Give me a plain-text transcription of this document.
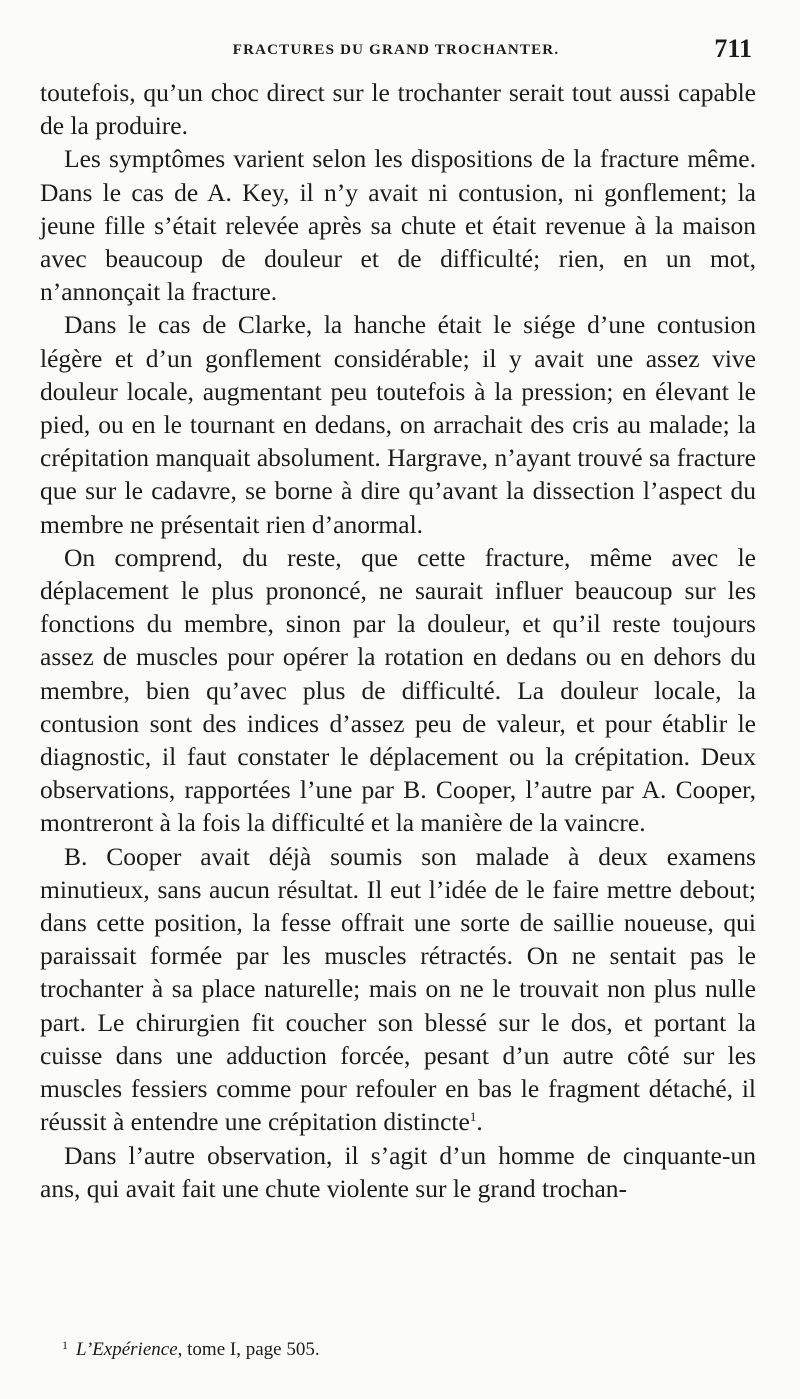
FRACTURES DU GRAND TROCHANTER.	711

toutefois, qu’un choc direct sur le trochanter serait tout aussi capable de la produire.

Les symptômes varient selon les dispositions de la fracture même. Dans le cas de A. Key, il n’y avait ni contusion, ni gonflement; la jeune fille s’était relevée après sa chute et était revenue à la maison avec beaucoup de douleur et de difficulté; rien, en un mot, n’annonçait la fracture.

Dans le cas de Clarke, la hanche était le siége d’une contusion légère et d’un gonflement considérable; il y avait une assez vive douleur locale, augmentant peu toutefois à la pression; en élevant le pied, ou en le tournant en dedans, on arrachait des cris au malade; la crépitation manquait absolument. Hargrave, n’ayant trouvé sa fracture que sur le cadavre, se borne à dire qu’avant la dissection l’aspect du membre ne présentait rien d’anormal.

On comprend, du reste, que cette fracture, même avec le déplacement le plus prononcé, ne saurait influer beaucoup sur les fonctions du membre, sinon par la douleur, et qu’il reste toujours assez de muscles pour opérer la rotation en dedans ou en dehors du membre, bien qu’avec plus de difficulté. La douleur locale, la contusion sont des indices d’assez peu de valeur, et pour établir le diagnostic, il faut constater le déplacement ou la crépitation. Deux observations, rapportées l’une par B. Cooper, l’autre par A. Cooper, montreront à la fois la difficulté et la manière de la vaincre.

B. Cooper avait déjà soumis son malade à deux examens minutieux, sans aucun résultat. Il eut l’idée de le faire mettre debout; dans cette position, la fesse offrait une sorte de saillie noueuse, qui paraissait formée par les muscles rétractés. On ne sentait pas le trochanter à sa place naturelle; mais on ne le trouvait non plus nulle part. Le chirurgien fit coucher son blessé sur le dos, et portant la cuisse dans une adduction forcée, pesant d’un autre côté sur les muscles fessiers comme pour refouler en bas le fragment détaché, il réussit à entendre une crépitation distincte$^1$.

Dans l’autre observation, il s’agit d’un homme de cinquante-un ans, qui avait fait une chute violente sur le grand trochan-

$^1$ L’Expérience, tome I, page 505.
